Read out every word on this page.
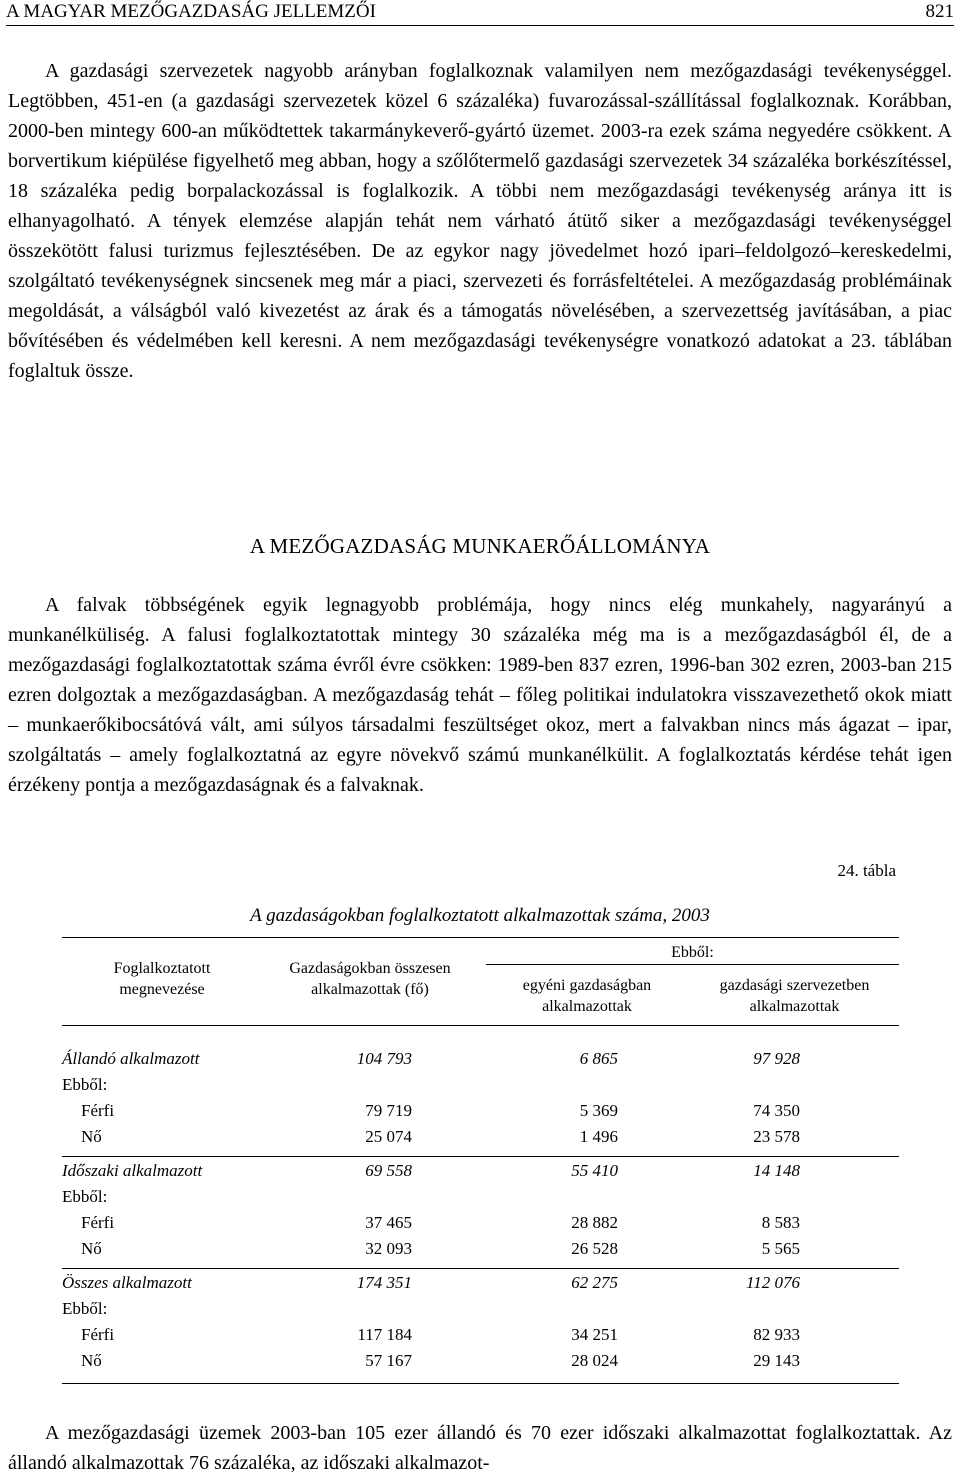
A MAGYAR MEZŐGAZDASÁG JELLEMZŐI	821

A gazdasági szervezetek nagyobb arányban foglalkoznak valamilyen nem mezőgazdasági tevékenységgel. Legtöbben, 451-en (a gazdasági szervezetek közel 6 százaléka) fuvarozással-szállítással foglalkoznak. Korábban, 2000-ben mintegy 600-an működtettek takarmánykeverő-gyártó üzemet. 2003-ra ezek száma negyedére csökkent. A borvertikum kiépülése figyelhető meg abban, hogy a szőlőtermelő gazdasági szervezetek 34 százaléka borkészítéssel, 18 százaléka pedig borpalackozással is foglalkozik. A többi nem mezőgazdasági tevékenység aránya itt is elhanyagolható. A tények elemzése alapján tehát nem várható átütő siker a mezőgazdasági tevékenységgel összekötött falusi turizmus fejlesztésében. De az egykor nagy jövedelmet hozó ipari–feldolgozó–kereskedelmi, szolgáltató tevékenységnek sincsenek meg már a piaci, szervezeti és forrásfeltételei. A mezőgazdaság problémáinak megoldását, a válságból való kivezetést az árak és a támogatás növelésében, a szervezettség javításában, a piac bővítésében és védelmében kell keresni. A nem mezőgazdasági tevékenységre vonatkozó adatokat a 23. táblában foglaltuk össze.

A MEZŐGAZDASÁG MUNKAERŐÁLLOMÁNYA

A falvak többségének egyik legnagyobb problémája, hogy nincs elég munkahely, nagyarányú a munkanélküliség. A falusi foglalkoztatottak mintegy 30 százaléka még ma is a mezőgazdaságból él, de a mezőgazdasági foglalkoztatottak száma évről évre csökken: 1989-ben 837 ezren, 1996-ban 302 ezren, 2003-ban 215 ezren dolgoztak a mezőgazdaságban. A mezőgazdaság tehát – főleg politikai indulatokra visszavezethető okok miatt – munkaerőkibocsátóvá vált, ami súlyos társadalmi feszültséget okoz, mert a falvakban nincs más ágazat – ipar, szolgáltatás – amely foglalkoztatná az egyre növekvő számú munkanélkülit. A foglalkoztatás kérdése tehát igen érzékeny pontja a mezőgazdaságnak és a falvaknak.

24. tábla
A gazdaságokban foglalkoztatott alkalmazottak száma, 2003
Foglalkoztatott megnevezése
Gazdaságokban összesen alkalmazottak (fő)
Ebből:
egyéni gazdaságban alkalmazottak
gazdasági szervezetben alkalmazottak
Állandó alkalmazott	104 793	6 865	97 928
Ebből:
Férfi	79 719	5 369	74 350
Nő	25 074	1 496	23 578
Időszaki alkalmazott	69 558	55 410	14 148
Ebből:
Férfi	37 465	28 882	8 583
Nő	32 093	26 528	5 565
Összes alkalmazott	174 351	62 275	112 076
Ebből:
Férfi	117 184	34 251	82 933
Nő	57 167	28 024	29 143

A mezőgazdasági üzemek 2003-ban 105 ezer állandó és 70 ezer időszaki alkalmazottat foglalkoztattak. Az állandó alkalmazottak 76 százaléka, az időszaki alkalmazot-
